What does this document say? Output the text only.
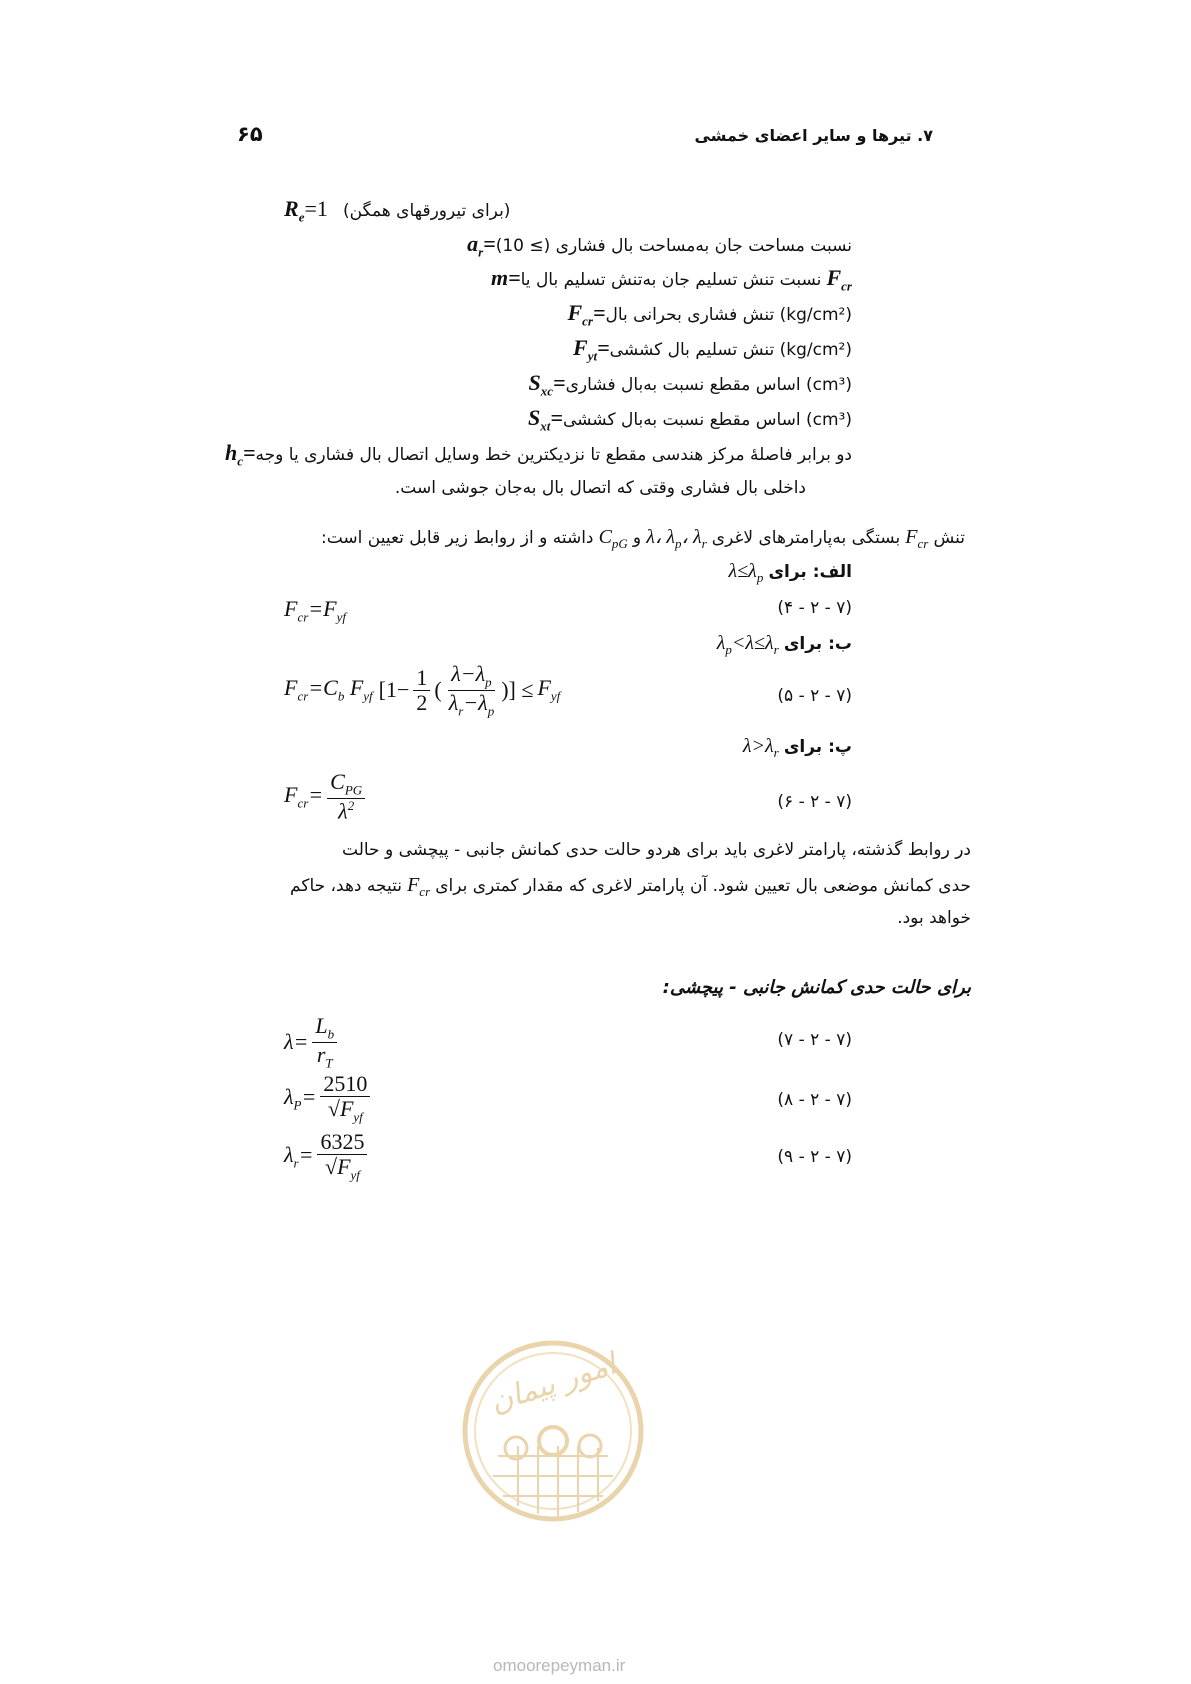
۶۵	۷. تیرها و سایر اعضای خمشی
$R_e=1$ (برای تیرورقهای همگن)
$a_r=نسبت$ مساحت جان به‌مساحت بال فشاری (≥ 10)
m=نسبت تنش تسلیم جان به‌تنش تسلیم بال یا $F_{cr}$
$F_{cr}=تنش$ فشاری بحرانی بال (kg/cm²)
$F_{yt}=تنش$ تسلیم بال کششی (kg/cm²)
$S_{xc}=اساس$ مقطع نسبت به‌بال فشاری (cm³)
$S_{xt}=اساس$ مقطع نسبت به‌بال کششی (cm³)
$h_c=دو$ برابر فاصلهٔ مرکز هندسی مقطع تا نزدیکترین خط وسایل اتصال بال فشاری یا وجه
داخلی بال فشاری وقتی که اتصال بال به‌جان جوشی است.
تنش $F_{cr}$ بستگی به‌پارامترهای لاغری λ، $\lambda_p،$ $\lambda_r$ و $C_{pG}$ داشته و از روابط زیر قابل تعیین است:
الف: برای $\lambda\le\lambda_p$
$F_{cr}=F_{yf}$	(۷ - ۲ - ۴)
ب: برای $\lambda_p<\lambda\le\lambda_r$
$F_{cr}=C_b$ $F_{yf}$ [$1- \frac{1}{2}$ ( $\frac{\lambda-\lambda_p}{\lambda_r-\lambda_p}$ )] ≤ $F_{yf}$	(۷ - ۲ - ۵)
پ: برای $\lambda>\lambda_r$
$F_{cr}= \frac{C_{PG}}{\lambda^2}$	(۷ - ۲ - ۶)
در روابط گذشته، پارامتر لاغری باید برای هردو حالت حدی کمانش جانبی - پیچشی و حالت
حدی کمانش موضعی بال تعیین شود. آن پارامتر لاغری که مقدار کمتری برای $F_{cr}$ نتیجه دهد، حاکم
خواهد بود.
برای حالت حدی کمانش جانبی - پیچشی:
$\lambda= \frac{L_b}{r_T}$	(۷ - ۲ - ۷)
$\lambda_P= \frac{2510}{√F_{yf}}$	(۷ - ۲ - ۸)
$\lambda_r= \frac{6325}{√F_{yf}}$	(۷ - ۲ - ۹)
امور پیمان
omoorepeyman.ir
